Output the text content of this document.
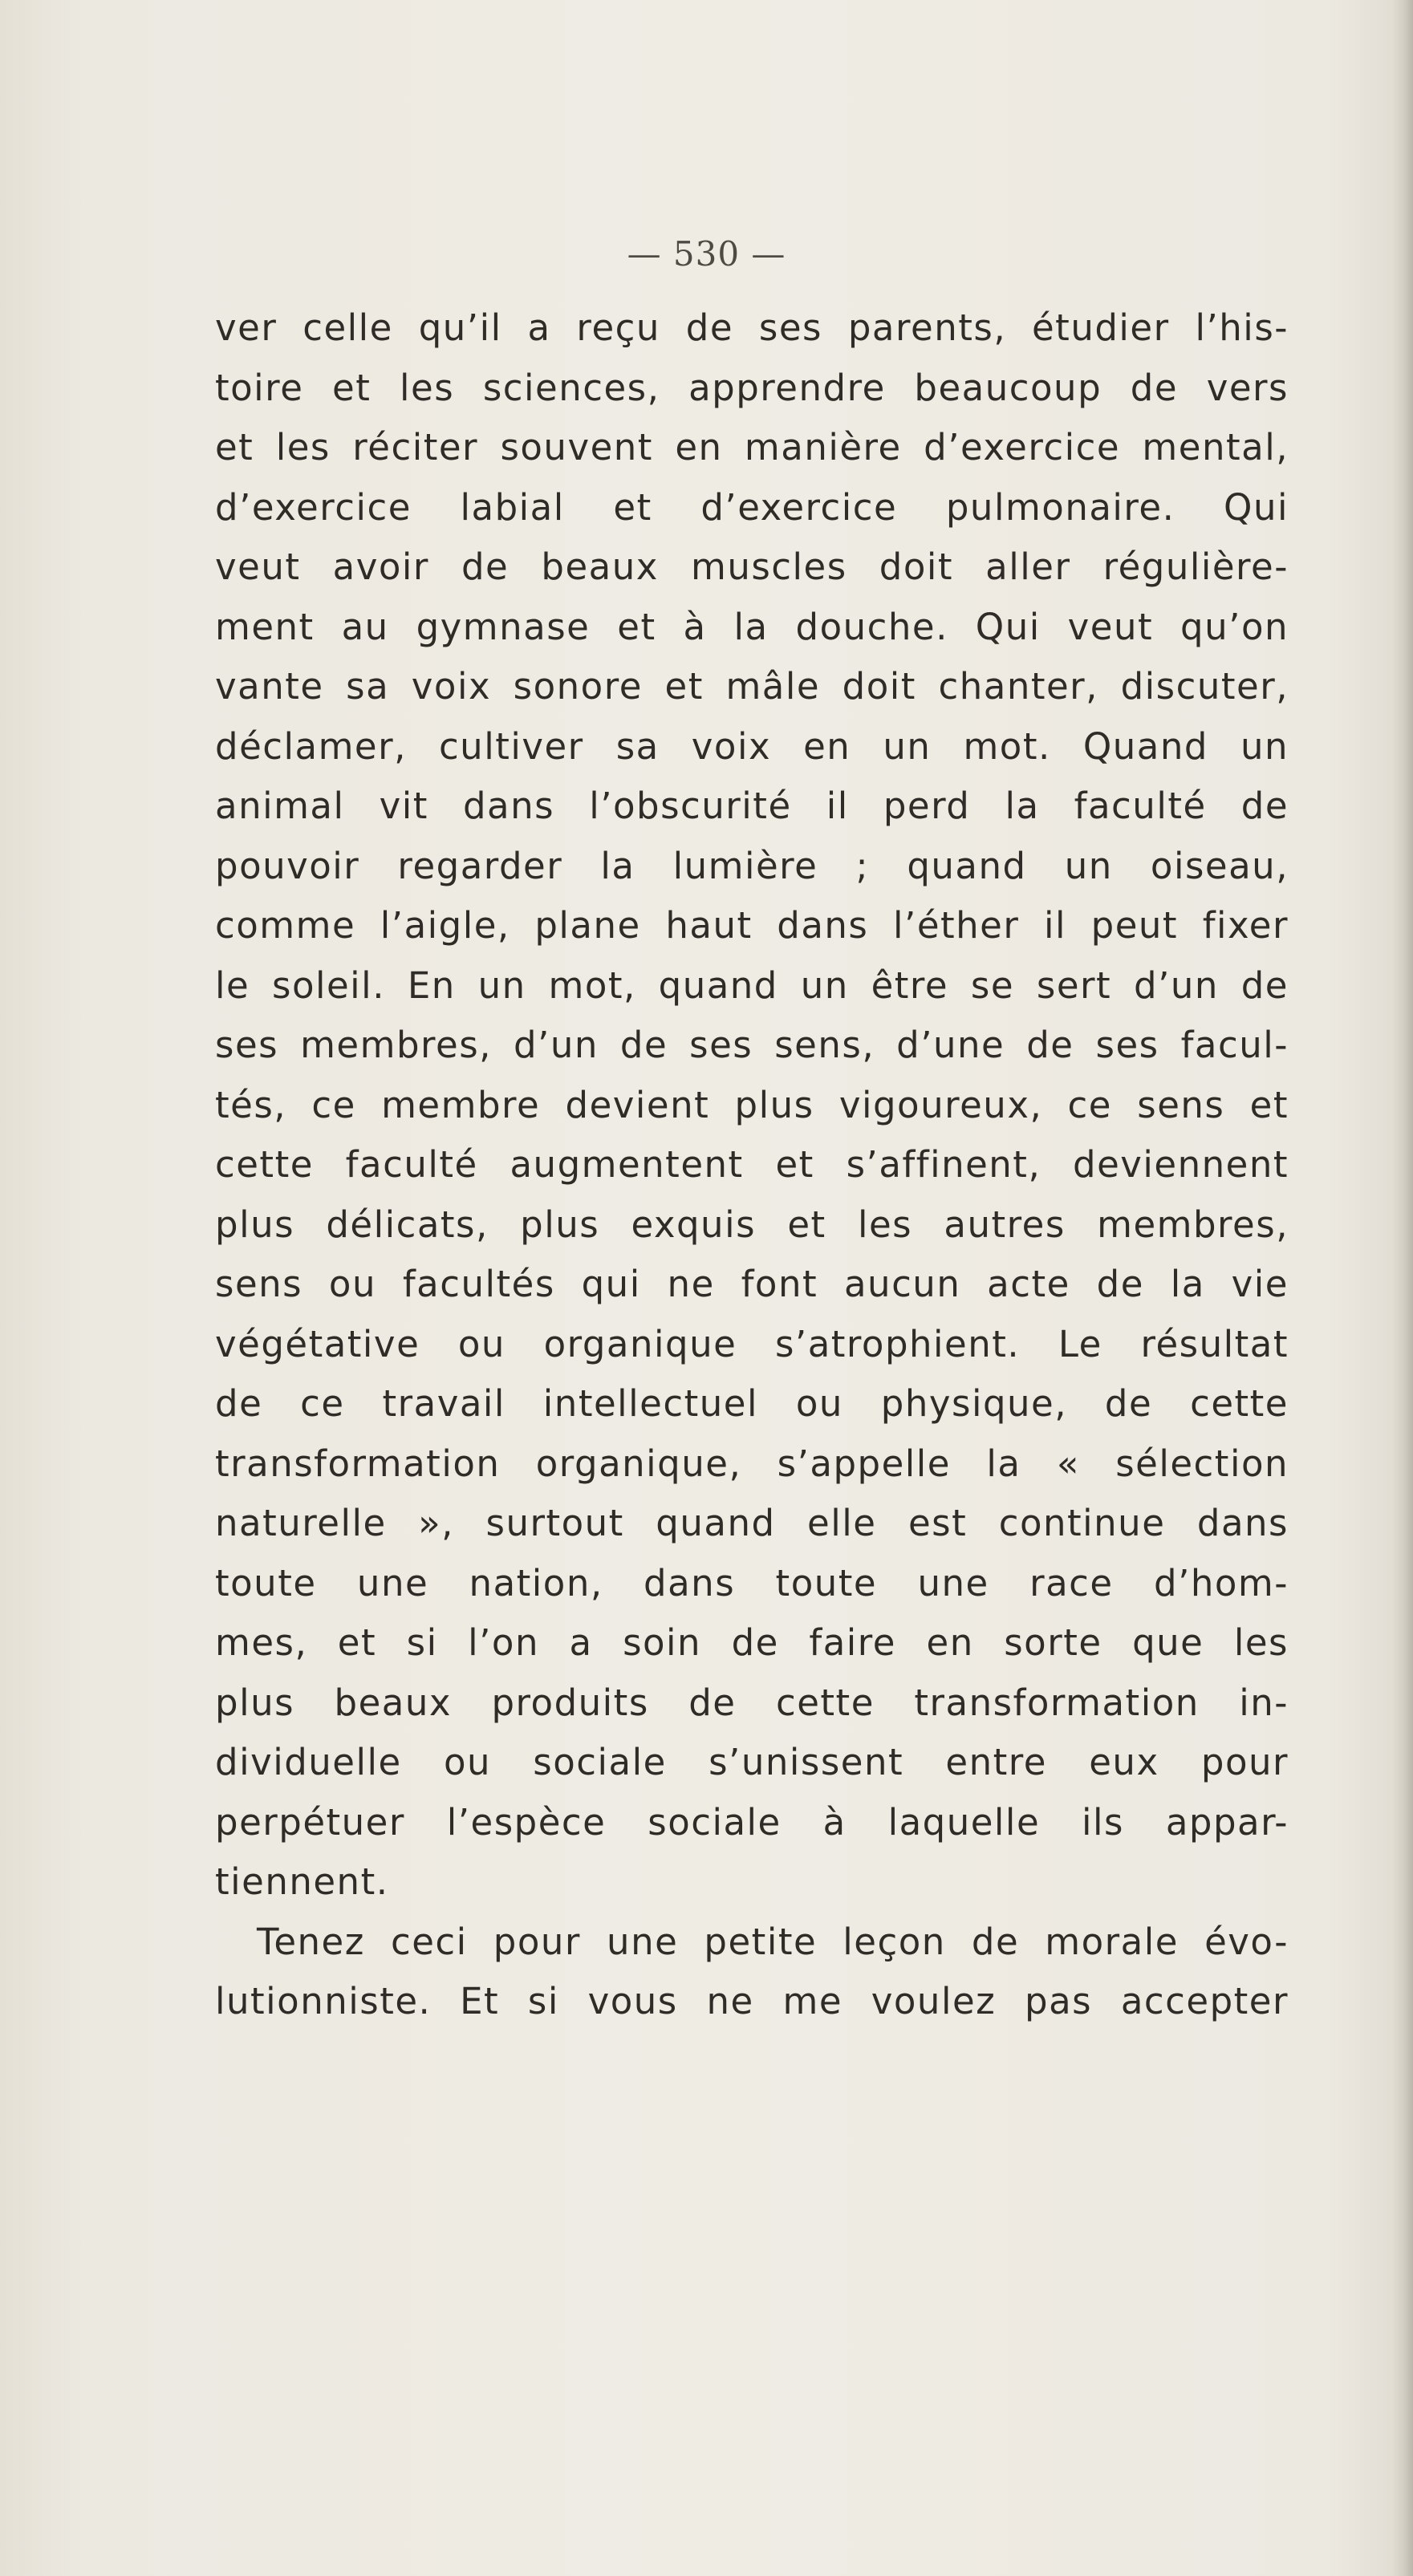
— 530 —
ver celle qu’il a reçu de ses parents, étudier l’his-
toire et les sciences, apprendre beaucoup de vers
et les réciter souvent en manière d’exercice mental,
d’exercice labial et d’exercice pulmonaire. Qui
veut avoir de beaux muscles doit aller régulière-
ment au gymnase et à la douche. Qui veut qu’on
vante sa voix sonore et mâle doit chanter, discuter,
déclamer, cultiver sa voix en un mot. Quand un
animal vit dans l’obscurité il perd la faculté de
pouvoir regarder la lumière ; quand un oiseau,
comme l’aigle, plane haut dans l’éther il peut fixer
le soleil. En un mot, quand un être se sert d’un de
ses membres, d’un de ses sens, d’une de ses facul-
tés, ce membre devient plus vigoureux, ce sens et
cette faculté augmentent et s’affinent, deviennent
plus délicats, plus exquis et les autres membres,
sens ou facultés qui ne font aucun acte de la vie
végétative ou organique s’atrophient. Le résultat
de ce travail intellectuel ou physique, de cette
transformation organique, s’appelle la « sélection
naturelle », surtout quand elle est continue dans
toute une nation, dans toute une race d’hom-
mes, et si l’on a soin de faire en sorte que les
plus beaux produits de cette transformation in-
dividuelle ou sociale s’unissent entre eux pour
perpétuer l’espèce sociale à laquelle ils appar-
tiennent.
Tenez ceci pour une petite leçon de morale évo-
lutionniste. Et si vous ne me voulez pas accepter
